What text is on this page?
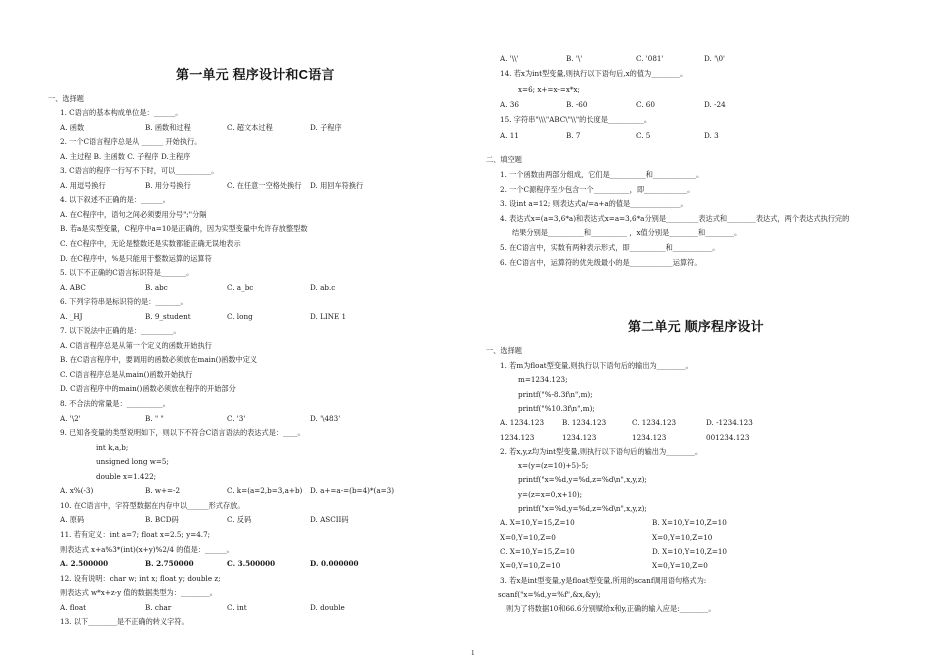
第一单元 程序设计和C语言
一、选择题
1. C语言的基本构成单位是：______。
A. 函数	B. 函数和过程	C. 超文本过程	D. 子程序
2. 一个C语言程序总是从 ______ 开始执行。
A. 主过程 B. 主函数 C. 子程序 D.主程序
3. C语言的程序一行写不下时，可以__________。
A. 用逗号换行	B. 用分号换行	C. 在任意一空格处换行 D. 用回车符换行
4. 以下叙述不正确的是：______。
A. 在C程序中，语句之间必须要用分号";"分隔
B. 若a是实型变量，C程序中a=10是正确的，因为实型变量中允许存放整型数
C. 在C程序中，无论是整数还是实数都能正确无误地表示
D. 在C程序中，%是只能用于整数运算的运算符
5. 以下不正确的C语言标识符是_______。
A. ABC	B. abc	C. a_bc	D. ab.c
6. 下列字符串是标识符的是：_______。
A. _HJ	B. 9_student	C. long	D. LINE 1
7. 以下说法中正确的是：_________。
A. C语言程序总是从第一个定义的函数开始执行
B. 在C语言程序中，要调用的函数必须放在main()函数中定义
C. C语言程序总是从main()函数开始执行
D. C语言程序中的main()函数必须放在程序的开始部分
8. 不合法的常量是：__________。
A. '\2'	B. " "	C. '3'	D. '\483'
9. 已知各变量的类型说明如下，则以下不符合C语言语法的表达式是：____。
int k,a,b;
unsigned long w=5;
double x=1.422;
A. x%(-3)	B. w+=-2	C. k=(a=2,b=3,a+b) D. a+=a-=(b=4)*(a=3)
10. 在C语言中，字符型数据在内存中以______形式存放。
A. 原码	B. BCD码	C. 反码	D. ASCII码
11. 若有定义：int a=7; float x=2.5; y=4.7;
则表达式 x+a%3*(int)(x+y)%2/4 的值是：______。
A. 2.500000	B. 2.750000	C. 3.500000	D. 0.000000
12. 设有说明：char w; int x; float y; double z;
则表达式 w*x+z-y 值的数据类型为：________。
A. float	B. char	C. int	D. double
13. 以下________是不正确的转义字符。
A. '\\'	B. '\'	C. '081'	D. '\0'
14. 若x为int型变量,则执行以下语句后,x的值为________。
x=6; x+=x-=x*x;
A. 36	B. -60	C. 60	D. -24
15. 字符串"\\\"ABC\"\\"的长度是__________。
A. 11	B. 7	C. 5	D. 3
二、填空题
1. 一个函数由两部分组成，它们是__________和____________。
2. 一个C源程序至少包含一个__________，即____________。
3. 设int a=12; 则表达式a/=a+a的值是______________。
4. 表达式x=(a=3,6*a)和表达式x=a=3,6*a分别是_________表达式和________表达式，两个表达式执行完的
结果分别是__________和__________ ，x值分别是________和________。
5. 在C语言中，实数有两种表示形式，即__________和___________。
6. 在C语言中，运算符的优先级最小的是____________运算符。
第二单元 顺序程序设计
一、选择题
1. 若m为float型变量,则执行以下语句后的输出为________。
m=1234.123;
printf("%-8.3f\n",m);
printf("%10.3f\n",m);
A. 1234.123 B. 1234.123	C. 1234.123	D. -1234.123
1234.123	1234.123	1234.123	001234.123
2. 若x,y,z均为int型变量,则执行以下语句后的输出为________。
x=(y=(z=10)+5)-5;
printf("x=%d,y=%d,z=%d\n",x,y,z);
y=(z=x=0,x+10);
printf("x=%d,y=%d,z=%d\n",x,y,z);
A. X=10,Y=15,Z=10	B. X=10,Y=10,Z=10
X=0,Y=10,Z=0	X=0,Y=10,Z=10
C. X=10,Y=15,Z=10	D. X=10,Y=10,Z=10
X=0,Y=10,Z=10	X=0,Y=10,Z=0
3. 若x是int型变量,y是float型变量,所用的scanf调用语句格式为:
scanf("x=%d,y=%f",&x,&y);
则为了将数据10和66.6分别赋给x和y,正确的输入应是:________。
1
